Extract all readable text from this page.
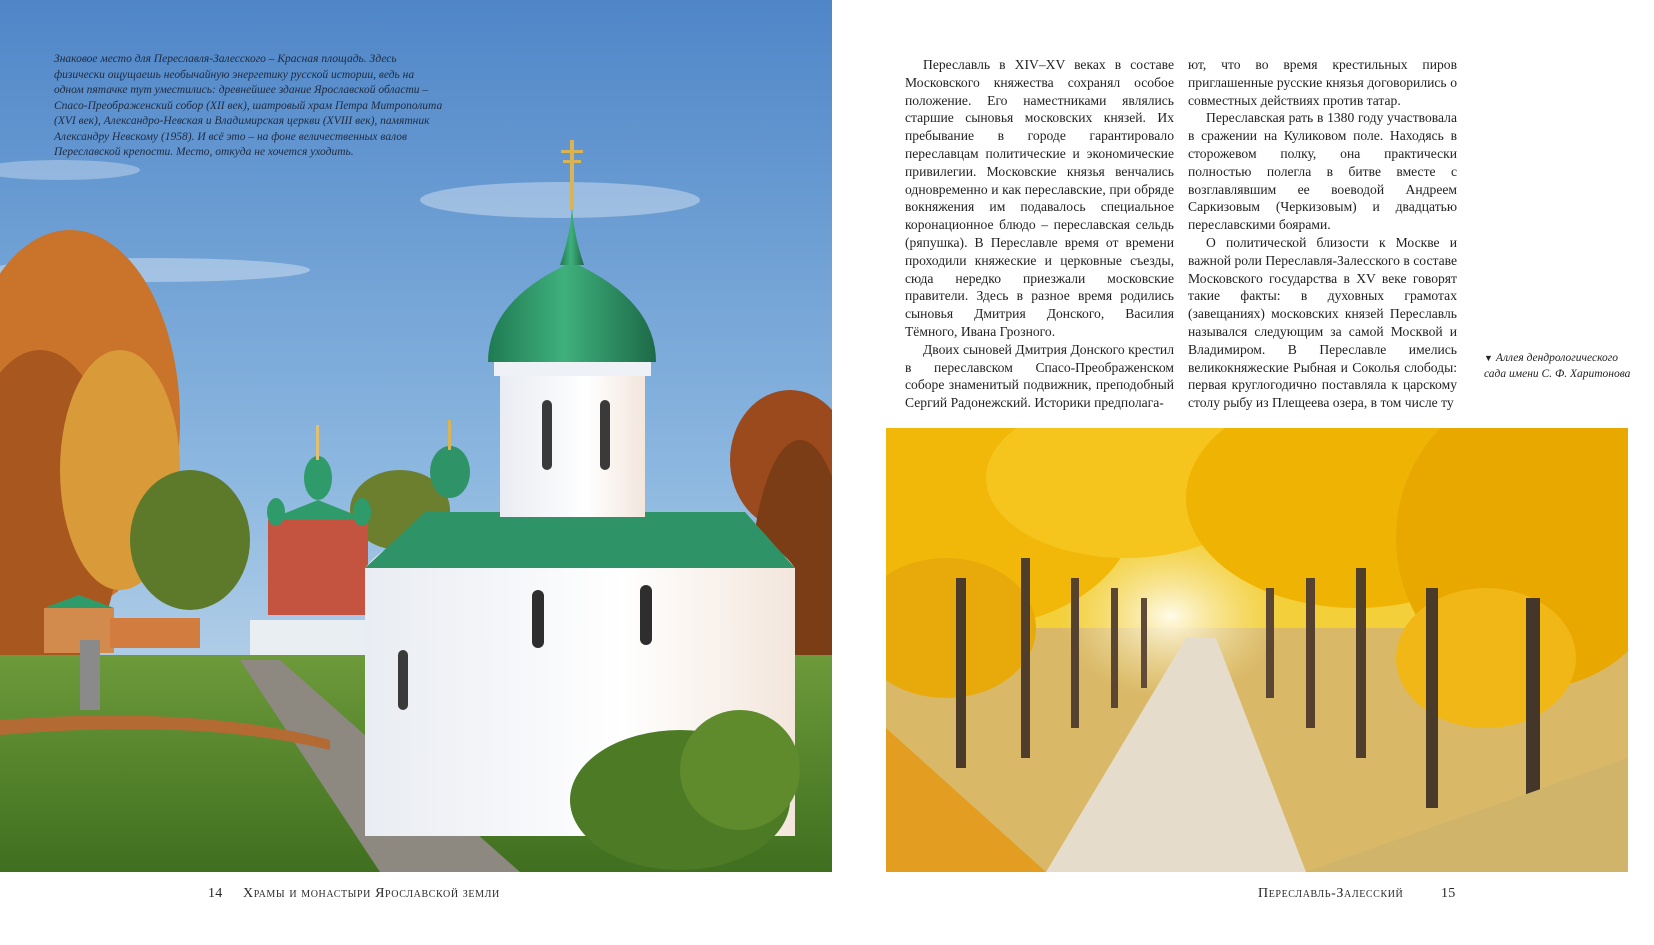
Знаковое место для Переславля-Залесского – Красная площадь. Здесь физически ощущаешь необычайную энергетику русской истории, ведь на одном пятачке тут уместились: древнейшее здание Ярославской области – Спасо-Преображенский собор (XII век), шатровый храм Петра Митрополита (XVI век), Александро-Невская и Владимирская церкви (XVIII век), памятник Александру Невскому (1958). И всё это – на фоне величественных валов Переславской крепости. Место, откуда не хочется уходить.

Переславль в XIV–XV веках в составе Московского княжества сохранял особое положение. Его наместниками являлись старшие сыновья московских князей. Их пребывание в городе гарантировало переславцам политические и экономические привилегии. Московские князья венчались одновременно и как переславские, при обряде вокняжения им подавалось специальное коронационное блюдо – переславская сельдь (ряпушка). В Переславле время от времени проходили княжеские и церковные съезды, сюда нередко приезжали московские правители. Здесь в разное время родились сыновья Дмитрия Донского, Василия Тёмного, Ивана Грозного.

Двоих сыновей Дмитрия Донского крестил в переславском Спасо-Преображенском соборе знаменитый подвижник, преподобный Сергий Радонежский. Историки предполага-

ют, что во время крестильных пиров приглашенные русские князья договорились о совместных действиях против татар.

Переславская рать в 1380 году участвовала в сражении на Куликовом поле. Находясь в сторожевом полку, она практически полностью полегла в битве вместе с возглавлявшим ее воеводой Андреем Саркизовым (Черкизовым) и двадцатью переславскими боярами.

О политической близости к Москве и важной роли Переславля-Залесского в составе Московского государства в XV веке говорят такие факты: в духовных грамотах (завещаниях) московских князей Переславль назывался следующим за самой Москвой и Владимиром. В Переславле имелись великокняжеские Рыбная и Соколья слободы: первая круглогодично поставляла к царскому столу рыбу из Плещеева озера, в том числе ту

▼ Аллея дендрологического сада имени С. Ф. Харитонова

14 Храмы и монастыри Ярославской земли	Переславль-Залесский	15
